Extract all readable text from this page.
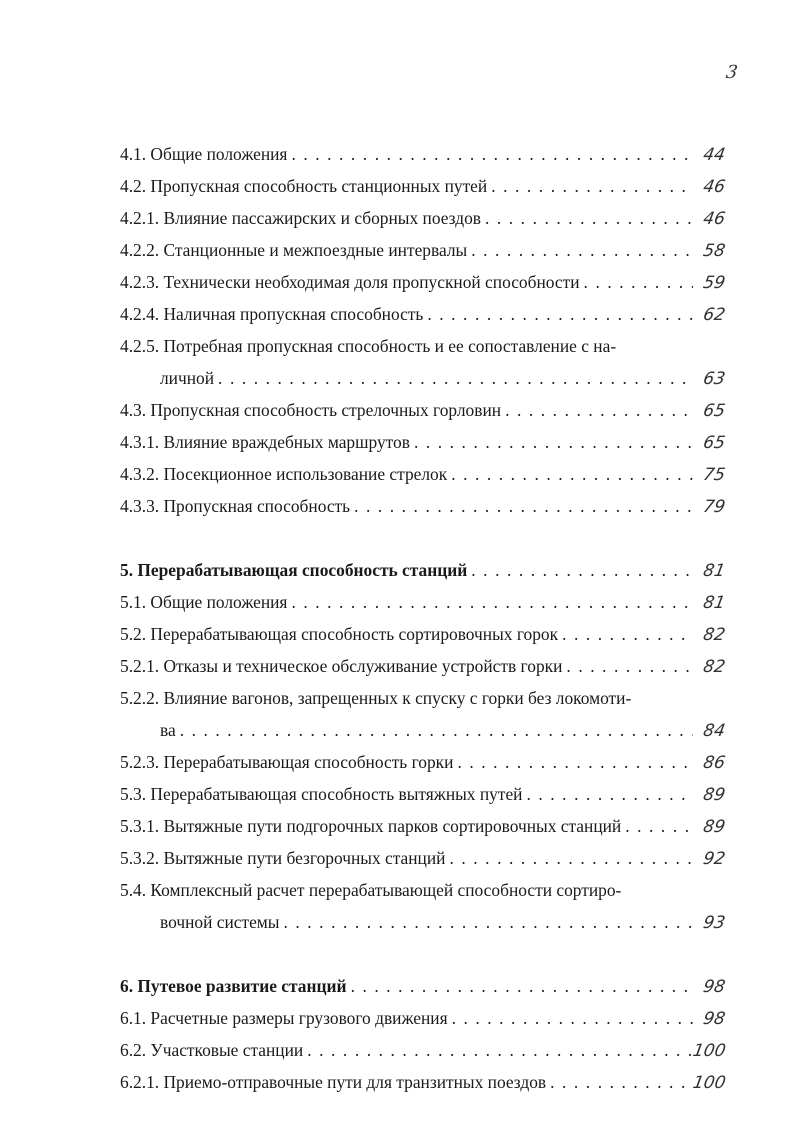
3
4.1. Общие положения . . .	44
4.2. Пропускная способность станционных путей . . .	46
4.2.1. Влияние пассажирских и сборных поездов . . .	46
4.2.2. Станционные и межпоездные интервалы . . .	58
4.2.3. Технически необходимая доля пропускной способности . . .	59
4.2.4. Наличная пропускная способность . . .	62
4.2.5. Потребная пропускная способность и ее сопоставление с на-
личной . . .	63
4.3. Пропускная способность стрелочных горловин . . .	65
4.3.1. Влияние враждебных маршрутов . . .	65
4.3.2. Посекционное использование стрелок . . .	75
4.3.3. Пропускная способность . . .	79
5. Перерабатывающая способность станций . . .	81
5.1. Общие положения . . .	81
5.2. Перерабатывающая способность сортировочных горок . . .	82
5.2.1. Отказы и техническое обслуживание устройств горки . . .	82
5.2.2. Влияние вагонов, запрещенных к спуску с горки без локомоти-
ва . . .	84
5.2.3. Перерабатывающая способность горки . . .	86
5.3. Перерабатывающая способность вытяжных путей . . .	89
5.3.1. Вытяжные пути подгорочных парков сортировочных станций . . .	89
5.3.2. Вытяжные пути безгорочных станций . . .	92
5.4. Комплексный расчет перерабатывающей способности сортиро-
вочной системы . . .	93
6. Путевое развитие станций . . .	98
6.1. Расчетные размеры грузового движения . . .	98
6.2. Участковые станции . . .	100
6.2.1. Приемо-отправочные пути для транзитных поездов . . .	100
